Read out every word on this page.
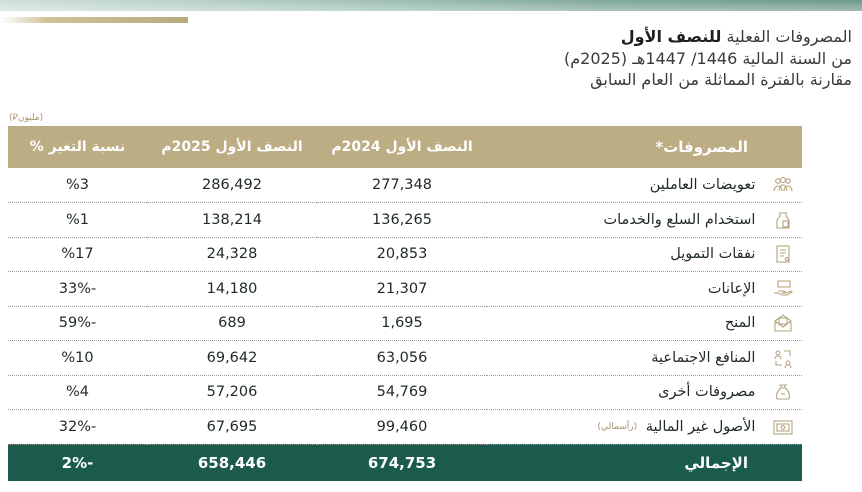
المصروفات الفعلية للنصف الأول
من السنة المالية 1446/ 1447هـ (2025م)
مقارنة بالفترة المماثلة من العام السابق
(مليون⃁)
المصروفات*	النصف الأول 2024م	النصف الأول 2025م	نسبة التغير %

تعويضات العاملين	277,348	286,492	%3

استخدام السلع والخدمات	136,265	138,214	%1

نفقات التمويل	20,853	24,328	%17

الإعانات	21,307	14,180	-33%

المنح	1,695	689	-59%

المنافع الاجتماعية	63,056	69,642	%10

مصروفات أخرى	54,769	57,206	%4

الأصول غير المالية (رأسمالي)	99,460	67,695	-32%
الإجمالي	674,753	658,446	-2%
